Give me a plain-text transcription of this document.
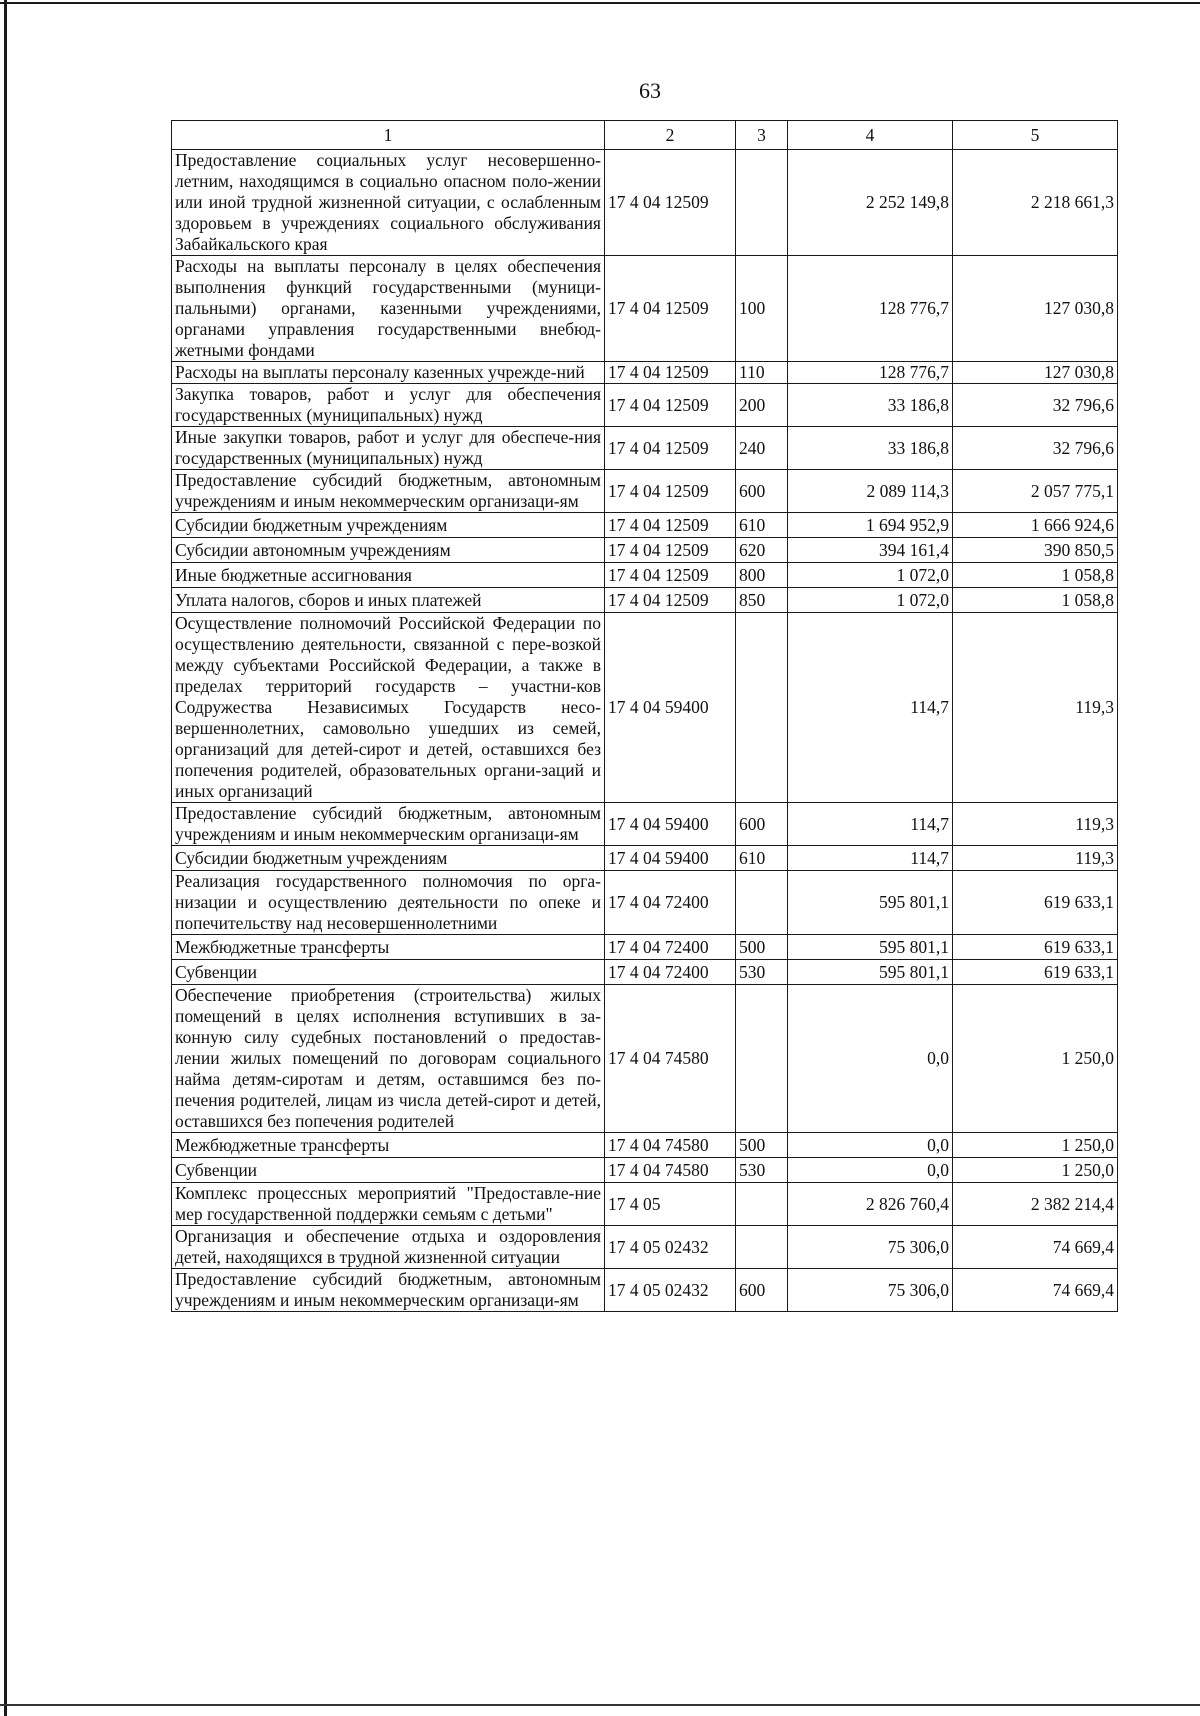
63
1	2	3	4	5
Предоставление социальных услуг несовершенно-летним, находящимся в социально опасном поло-жении или иной трудной жизненной ситуации, с ослабленным здоровьем в учреждениях социального обслуживания Забайкальского края	17 4 04 12509		2 252 149,8	2 218 661,3
Расходы на выплаты персоналу в целях обеспечения выполнения функций государственными (муници-пальными) органами, казенными учреждениями, органами управления государственными внебюд-жетными фондами	17 4 04 12509	100	128 776,7	127 030,8
Расходы на выплаты персоналу казенных учрежде-ний	17 4 04 12509	110	128 776,7	127 030,8
Закупка товаров, работ и услуг для обеспечения государственных (муниципальных) нужд	17 4 04 12509	200	33 186,8	32 796,6
Иные закупки товаров, работ и услуг для обеспече-ния государственных (муниципальных) нужд	17 4 04 12509	240	33 186,8	32 796,6
Предоставление субсидий бюджетным, автономным учреждениям и иным некоммерческим организаци-ям	17 4 04 12509	600	2 089 114,3	2 057 775,1
Субсидии бюджетным учреждениям	17 4 04 12509	610	1 694 952,9	1 666 924,6
Субсидии автономным учреждениям	17 4 04 12509	620	394 161,4	390 850,5
Иные бюджетные ассигнования	17 4 04 12509	800	1 072,0	1 058,8
Уплата налогов, сборов и иных платежей	17 4 04 12509	850	1 072,0	1 058,8
Осуществление полномочий Российской Федерации по осуществлению деятельности, связанной с пере-возкой между субъектами Российской Федерации, а также в пределах территорий государств – участни-ков Содружества Независимых Государств несо-вершеннолетних, самовольно ушедших из семей, организаций для детей-сирот и детей, оставшихся без попечения родителей, образовательных органи-заций и иных организаций	17 4 04 59400		114,7	119,3
Предоставление субсидий бюджетным, автономным учреждениям и иным некоммерческим организаци-ям	17 4 04 59400	600	114,7	119,3
Субсидии бюджетным учреждениям	17 4 04 59400	610	114,7	119,3
Реализация государственного полномочия по орга-низации и осуществлению деятельности по опеке и попечительству над несовершеннолетними	17 4 04 72400		595 801,1	619 633,1
Межбюджетные трансферты	17 4 04 72400	500	595 801,1	619 633,1
Субвенции	17 4 04 72400	530	595 801,1	619 633,1
Обеспечение приобретения (строительства) жилых помещений в целях исполнения вступивших в за-конную силу судебных постановлений о предостав-лении жилых помещений по договорам социального найма детям-сиротам и детям, оставшимся без по-печения родителей, лицам из числа детей-сирот и детей, оставшихся без попечения родителей	17 4 04 74580		0,0	1 250,0
Межбюджетные трансферты	17 4 04 74580	500	0,0	1 250,0
Субвенции	17 4 04 74580	530	0,0	1 250,0
Комплекс процессных мероприятий "Предоставле-ние мер государственной поддержки семьям с детьми"	17 4 05		2 826 760,4	2 382 214,4
Организация и обеспечение отдыха и оздоровления детей, находящихся в трудной жизненной ситуации	17 4 05 02432		75 306,0	74 669,4
Предоставление субсидий бюджетным, автономным учреждениям и иным некоммерческим организаци-ям	17 4 05 02432	600	75 306,0	74 669,4
